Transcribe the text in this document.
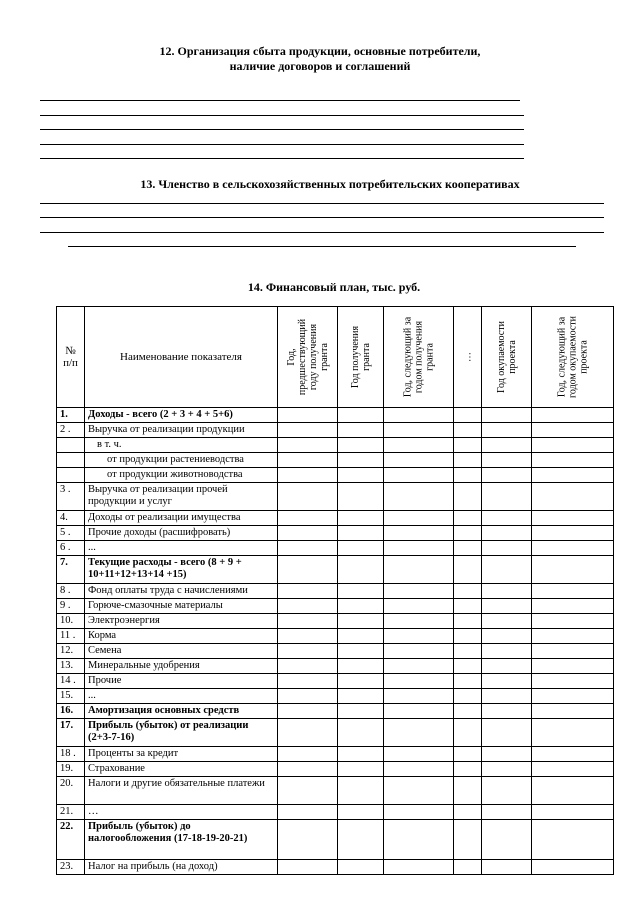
12. Организация сбыта продукции, основные потребители,
наличие договоров и соглашений
13. Членство в сельскохозяйственных потребительских кооперативах
14. Финансовый план, тыс. руб.
№ п/п	Наименование показателя	Год, предшествующий году получения гранта	Год получения гранта	Год, следующий за годом получения гранта	…	Год окупаемости проекта	Год, следующий за годом окупаемости проекта

1.	Доходы - всего (2 + 3 + 4 + 5+6)						
2 .	Выручка от реализации продукции						
	в т. ч.						
	от продукции растениеводства						
	от продукции животноводства						
3 .	Выручка от реализации прочей продукции и услуг						
4.	Доходы от реализации имущества						
5 .	Прочие доходы (расшифровать)						
6 .	...						
7.	Текущие расходы - всего (8 + 9 + 10+11+12+13+14 +15)						
8 .	Фонд оплаты труда с начислениями						
9 .	Горюче-смазочные материалы						
10.	Электроэнергия						
11 .	Корма						
12.	Семена						
13.	Минеральные удобрения						
14 .	Прочие						
15.	...						
16.	Амортизация основных средств						
17.	Прибыль (убыток) от реализации (2+3-7-16)						
18 .	Проценты за кредит						
19.	Страхование						
20.	Налоги и другие обязательные платежи						
21.	…						
22.	Прибыль (убыток) до налогообложения (17-18-19-20-21)						
23.	Налог на прибыль (на доход)						
